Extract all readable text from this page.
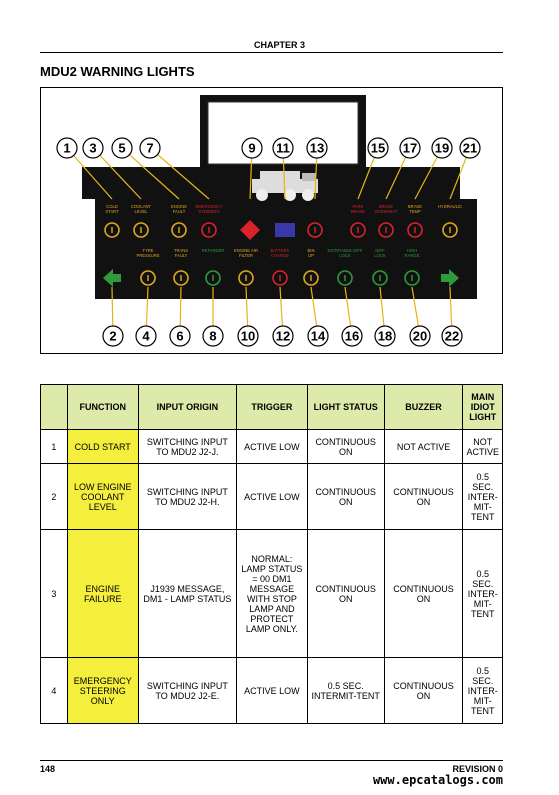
CHAPTER 3
MDU2 WARNING LIGHTS
1 3 5 7	9 11 13	15 17 19 21
2 4 6 8 10 12 14 16 18 20 22
COLD START
COOLANT LEVEL
ENGINE FAULT
EMERGENCY STEERING
PARK BRAKE
BRAKE OVERHEAT
BRAKE TEMP
HYDRAULIC
TYRE PRESSURE
TRANS FAULT
RETARDER ENGINE AIR FILTER
BATTERY CHARGE
BIN UP
NOTIFIABLE DIFF LOCK
DIFF LOCK
HIGH RANGE
	FUNCTION	INPUT ORIGIN	TRIGGER	LIGHT STATUS	BUZZER	MAIN IDIOT LIGHT
1	COLD START	SWITCHING INPUT TO MDU2 J2-J.	ACTIVE LOW	CONTINUOUS ON	NOT ACTIVE	NOT ACTIVE
2	LOW ENGINE COOLANT LEVEL	SWITCHING INPUT TO MDU2 J2-H.	ACTIVE LOW	CONTINUOUS ON	CONTINUOUS ON	0.5 SEC. INTER-MIT-TENT
3	ENGINE FAILURE	J1939 MESSAGE, DM1 - LAMP STATUS	NORMAL: LAMP STATUS = 00 DM1 MESSAGE WITH STOP LAMP AND PROTECT LAMP ONLY.	CONTINUOUS ON	CONTINUOUS ON	0.5 SEC. INTER-MIT-TENT
4	EMERGENCY STEERING ONLY	SWITCHING INPUT TO MDU2 J2-E.	ACTIVE LOW	0.5 SEC. INTERMIT-TENT	CONTINUOUS ON	0.5 SEC. INTER-MIT-TENT
148	REVISION 0
www.epcatalogs.com
